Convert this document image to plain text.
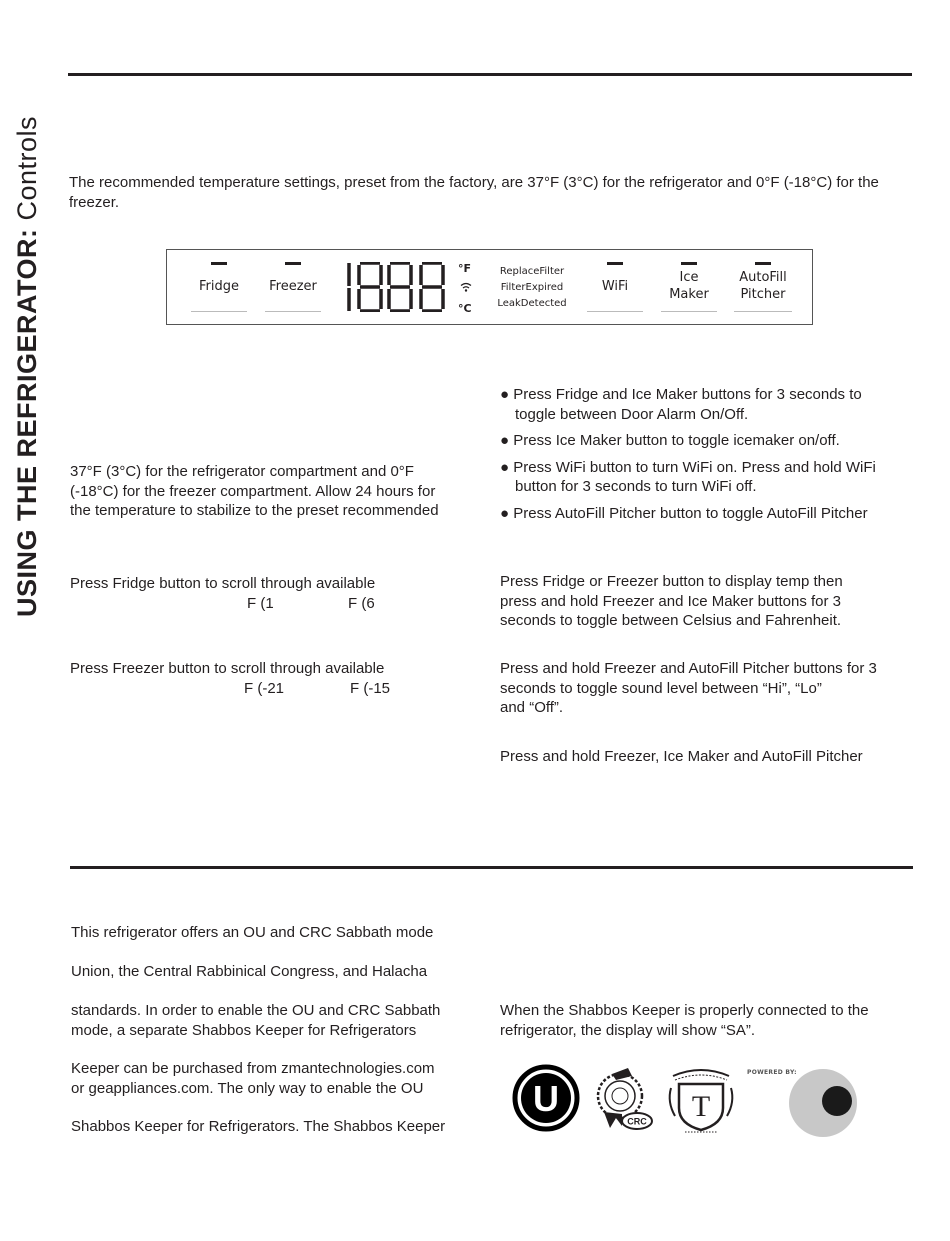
USING THE REFRIGERATOR: Controls The recommended temperature settings, preset from the factory, are 37°F (3°C) for the refrigerator and 0°F (-18°C) for the freezer.

Fridge	Freezer
°F
°C
ReplaceFilter
FilterExpired
LeakDetected
WiFi
Ice
Maker
AutoFill
Pitcher
37°F (3°C) for the refrigerator compartment and 0°F
(-18°C) for the freezer compartment. Allow 24 hours for
the temperature to stabilize to the preset recommended
Press Fridge button to scroll through available
F (1	F (6
Press Freezer button to scroll through available
F (-21	F (-15
● Press Fridge and Ice Maker buttons for 3 seconds to
toggle between Door Alarm On/Off.
● Press Ice Maker button to toggle icemaker on/off.
● Press WiFi button to turn WiFi on. Press and hold WiFi
button for 3 seconds to turn WiFi off.
● Press AutoFill Pitcher button to toggle AutoFill Pitcher
Press Fridge or Freezer button to display temp then
press and hold Freezer and Ice Maker buttons for 3
seconds to toggle between Celsius and Fahrenheit.
Press and hold Freezer and AutoFill Pitcher buttons for 3
seconds to toggle sound level between “Hi”, “Lo”
and “Off”.
Press and hold Freezer, Ice Maker and AutoFill Pitcher
This refrigerator offers an OU and CRC Sabbath mode
Union, the Central Rabbinical Congress, and Halacha
standards. In order to enable the OU and CRC Sabbath
mode, a separate Shabbos Keeper for Refrigerators
Keeper can be purchased from zmantechnologies.com
or geappliances.com. The only way to enable the OU
Shabbos Keeper for Refrigerators. The Shabbos Keeper
When the Shabbos Keeper is properly connected to the
refrigerator, the display will show “SA”.
U
CRC T
POWERED BY:
